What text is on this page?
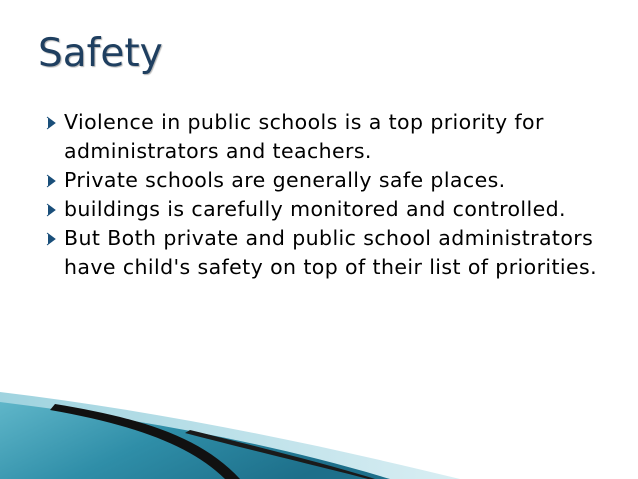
Safety
Violence in public schools is a top priority for administrators and teachers.
Private schools are generally safe places.
buildings is carefully monitored and controlled.
But Both private and public school administrators have child's safety on top of their list of priorities.
